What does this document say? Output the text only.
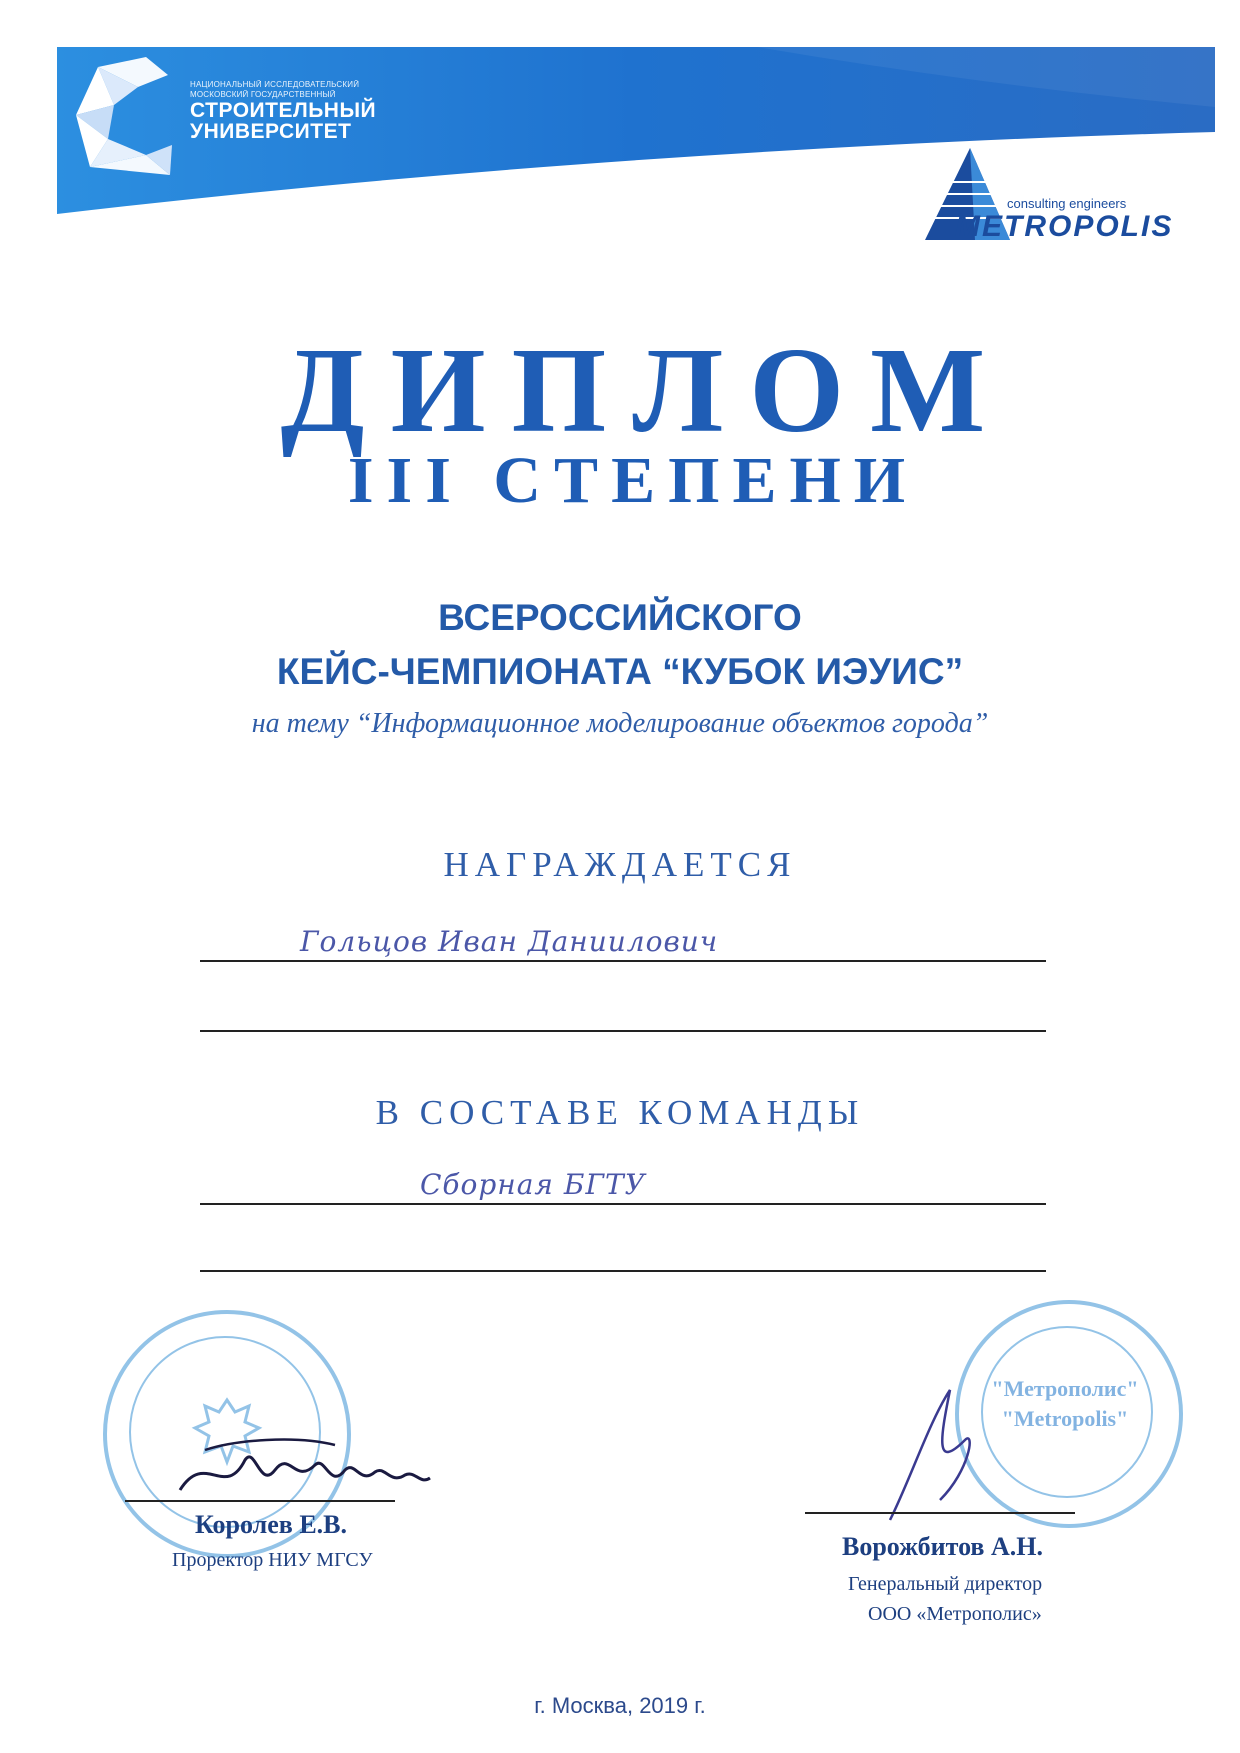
НАЦИОНАЛЬНЫЙ ИССЛЕДОВАТЕЛЬСКИЙ
МОСКОВСКИЙ ГОСУДАРСТВЕННЫЙ
СТРОИТЕЛЬНЫЙ
УНИВЕРСИТЕТ
consulting engineers
METROPOLIS
ДИПЛОМ
III СТЕПЕНИ
ВСЕРОССИЙСКОГО
КЕЙС-ЧЕМПИОНАТА “КУБОК ИЭУИС”
на тему “Информационное моделирование объектов города”
НАГРАЖДАЕТСЯ
Гольцов Иван Даниилович
В СОСТАВЕ КОМАНДЫ
Сборная БГТУ
Королев Е.В.
Проректор НИУ МГСУ
"Метрополис"
"Metropolis"
Ворожбитов А.Н.
Генеральный директор
ООО «Метрополис»
г. Москва, 2019 г.
